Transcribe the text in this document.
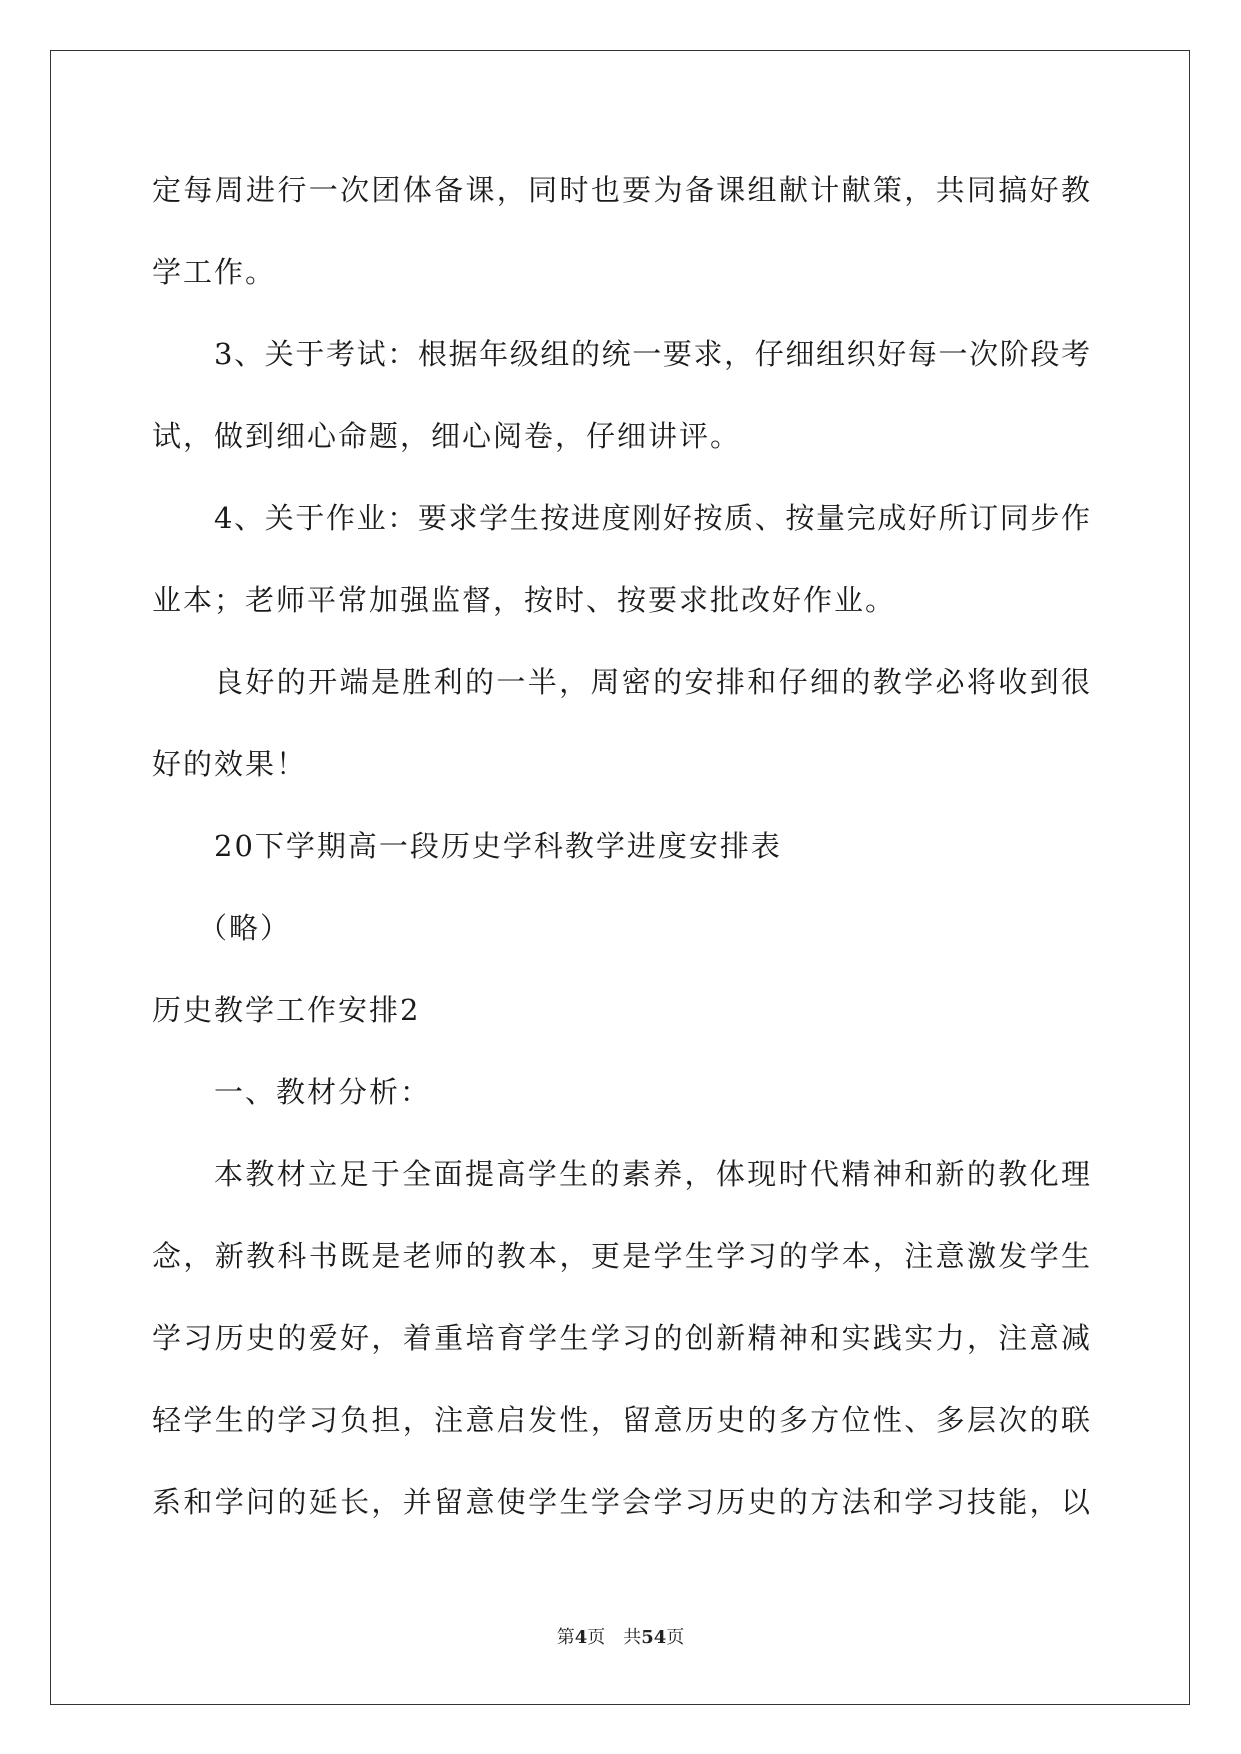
定每周进行一次团体备课，同时也要为备课组献计献策，共同搞好教
学工作。
3、关于考试：根据年级组的统一要求，仔细组织好每一次阶段考
试，做到细心命题，细心阅卷，仔细讲评。
4、关于作业：要求学生按进度刚好按质、按量完成好所订同步作
业本；老师平常加强监督，按时、按要求批改好作业。
良好的开端是胜利的一半，周密的安排和仔细的教学必将收到很
好的效果！
20下学期高一段历史学科教学进度安排表
（略）
历史教学工作安排2
一、教材分析：
本教材立足于全面提高学生的素养，体现时代精神和新的教化理
念，新教科书既是老师的教本，更是学生学习的学本，注意激发学生
学习历史的爱好，着重培育学生学习的创新精神和实践实力，注意减
轻学生的学习负担，注意启发性，留意历史的多方位性、多层次的联
系和学问的延长，并留意使学生学会学习历史的方法和学习技能，以
第4页　共54页
